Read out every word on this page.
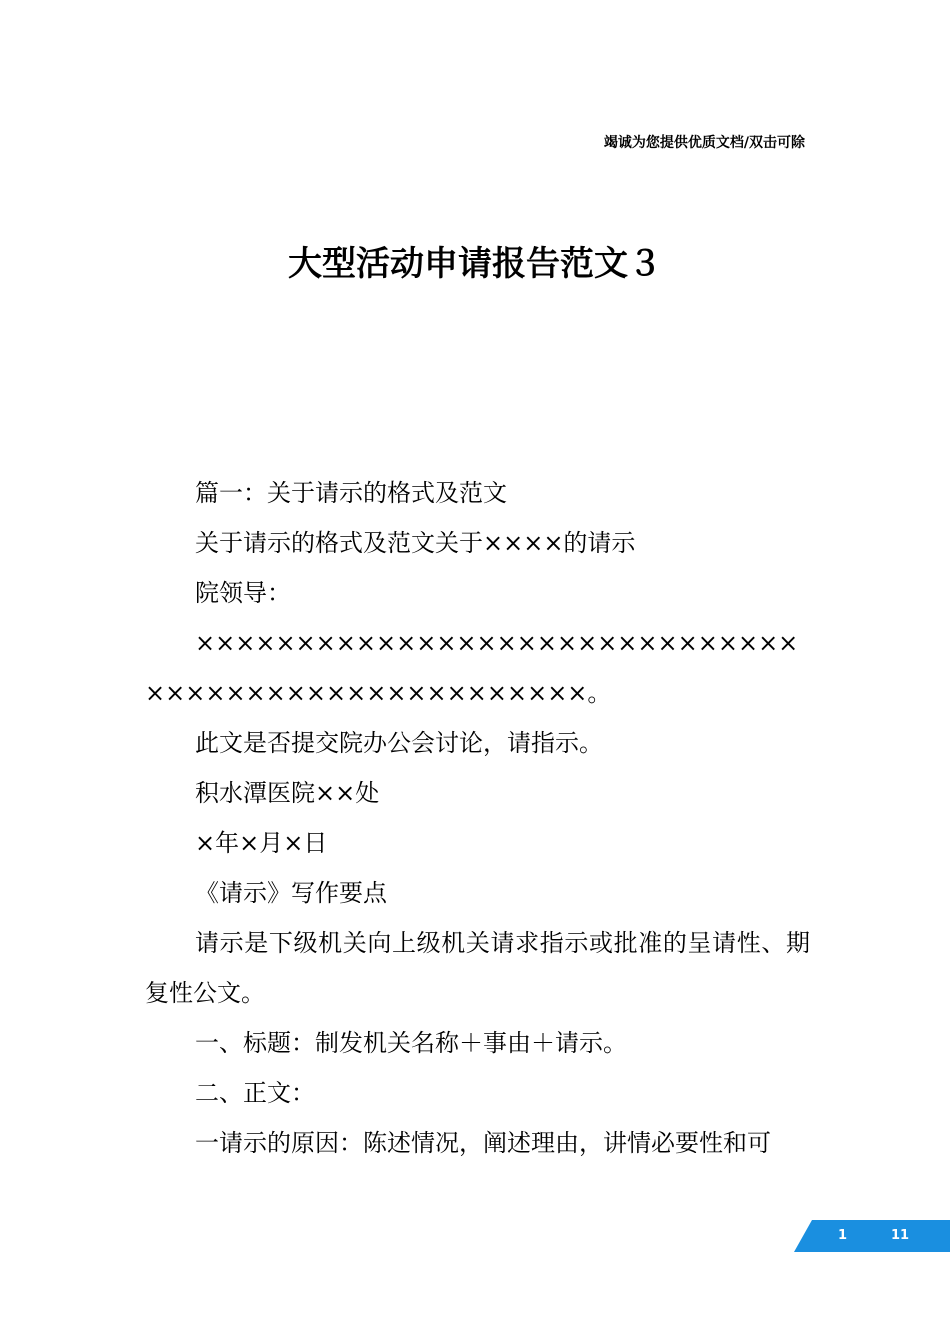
竭诚为您提供优质文档/双击可除
大型活动申请报告范文３

篇一：关于请示的格式及范文

关于请示的格式及范文关于××××的请示

院领导：

××××××××××××××××××××××××××××××××××××××××××××××××××××。

此文是否提交院办公会讨论，请指示。

积水潭医院××处

×年×月×日

《请示》写作要点

请示是下级机关向上级机关请求指示或批准的呈请性、期复性公文。

一、标题：制发机关名称＋事由＋请示。

二、正文：

一请示的原因：陈述情况，阐述理由，讲情必要性和可

1	11
